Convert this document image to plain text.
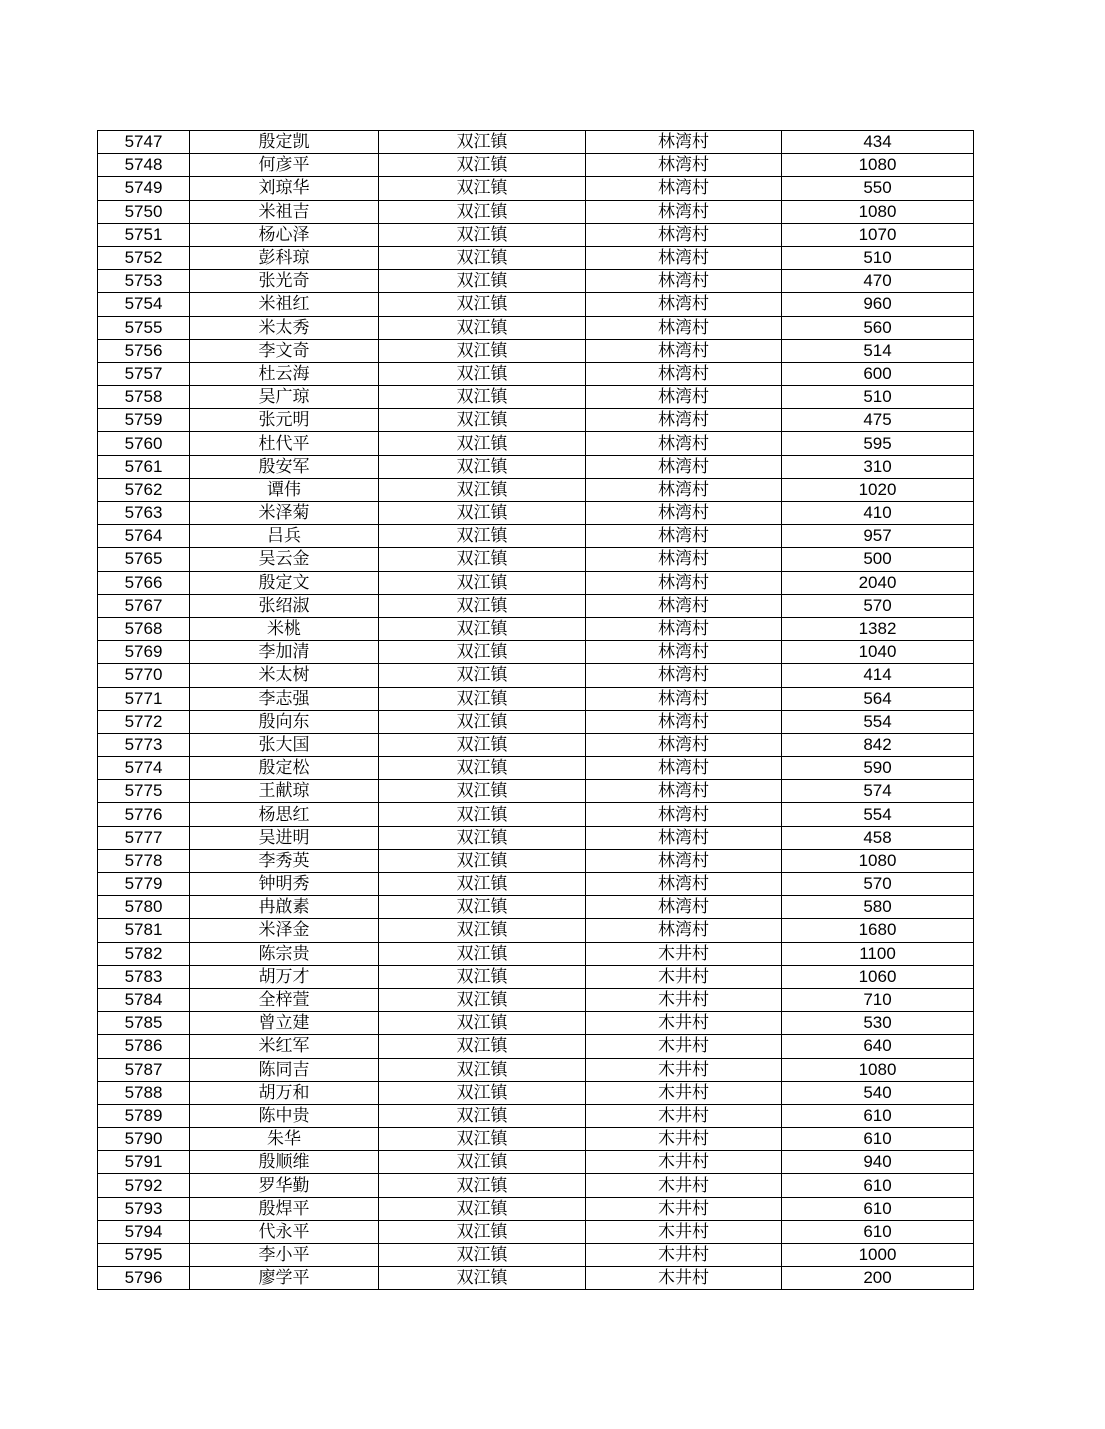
5747	殷定凯	双江镇	林湾村	434
5748	何彦平	双江镇	林湾村	1080
5749	刘琼华	双江镇	林湾村	550
5750	米祖吉	双江镇	林湾村	1080
5751	杨心泽	双江镇	林湾村	1070
5752	彭科琼	双江镇	林湾村	510
5753	张光奇	双江镇	林湾村	470
5754	米祖红	双江镇	林湾村	960
5755	米太秀	双江镇	林湾村	560
5756	李文奇	双江镇	林湾村	514
5757	杜云海	双江镇	林湾村	600
5758	吴广琼	双江镇	林湾村	510
5759	张元明	双江镇	林湾村	475
5760	杜代平	双江镇	林湾村	595
5761	殷安军	双江镇	林湾村	310
5762	谭伟	双江镇	林湾村	1020
5763	米泽菊	双江镇	林湾村	410
5764	吕兵	双江镇	林湾村	957
5765	吴云金	双江镇	林湾村	500
5766	殷定文	双江镇	林湾村	2040
5767	张绍淑	双江镇	林湾村	570
5768	米桃	双江镇	林湾村	1382
5769	李加清	双江镇	林湾村	1040
5770	米太树	双江镇	林湾村	414
5771	李志强	双江镇	林湾村	564
5772	殷向东	双江镇	林湾村	554
5773	张大国	双江镇	林湾村	842
5774	殷定松	双江镇	林湾村	590
5775	王献琼	双江镇	林湾村	574
5776	杨思红	双江镇	林湾村	554
5777	吴进明	双江镇	林湾村	458
5778	李秀英	双江镇	林湾村	1080
5779	钟明秀	双江镇	林湾村	570
5780	冉啟素	双江镇	林湾村	580
5781	米泽金	双江镇	林湾村	1680
5782	陈宗贵	双江镇	木井村	1100
5783	胡万才	双江镇	木井村	1060
5784	全梓萱	双江镇	木井村	710
5785	曾立建	双江镇	木井村	530
5786	米红军	双江镇	木井村	640
5787	陈同吉	双江镇	木井村	1080
5788	胡万和	双江镇	木井村	540
5789	陈中贵	双江镇	木井村	610
5790	朱华	双江镇	木井村	610
5791	殷顺维	双江镇	木井村	940
5792	罗华勤	双江镇	木井村	610
5793	殷焊平	双江镇	木井村	610
5794	代永平	双江镇	木井村	610
5795	李小平	双江镇	木井村	1000
5796	廖学平	双江镇	木井村	200
